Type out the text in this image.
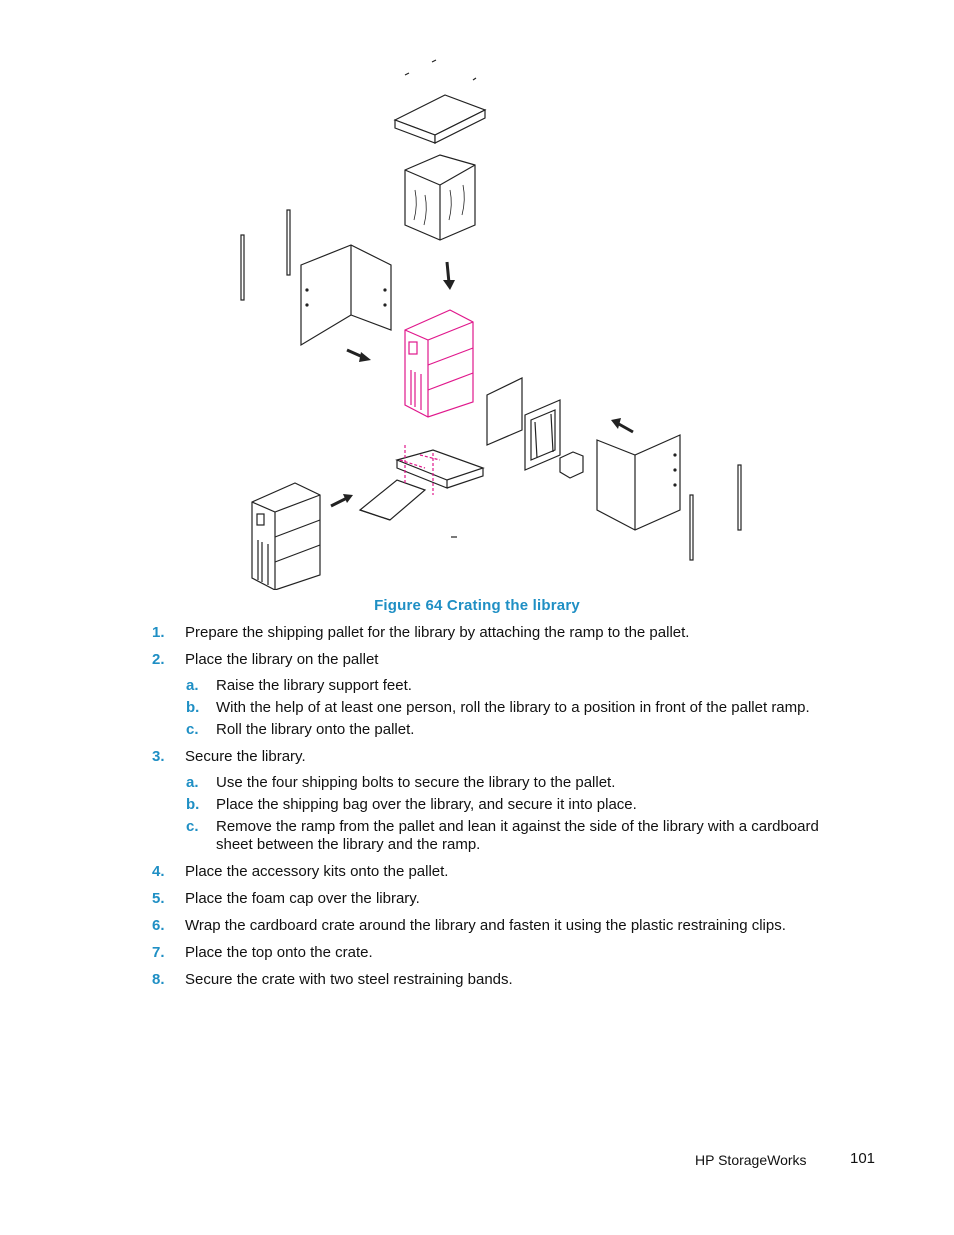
Figure 64 Crating the library
1. Prepare the shipping pallet for the library by attaching the ramp to the pallet.
2. Place the library on the pallet
a. Raise the library support feet.
b. With the help of at least one person, roll the library to a position in front of the pallet ramp.
c. Roll the library onto the pallet.
3. Secure the library.
a. Use the four shipping bolts to secure the library to the pallet.
b. Place the shipping bag over the library, and secure it into place.
c. Remove the ramp from the pallet and lean it against the side of the library with a cardboard sheet between the library and the ramp.
4. Place the accessory kits onto the pallet.
5. Place the foam cap over the library.
6. Wrap the cardboard crate around the library and fasten it using the plastic restraining clips.
7. Place the top onto the crate.
8. Secure the crate with two steel restraining bands.
HP StorageWorks	101
